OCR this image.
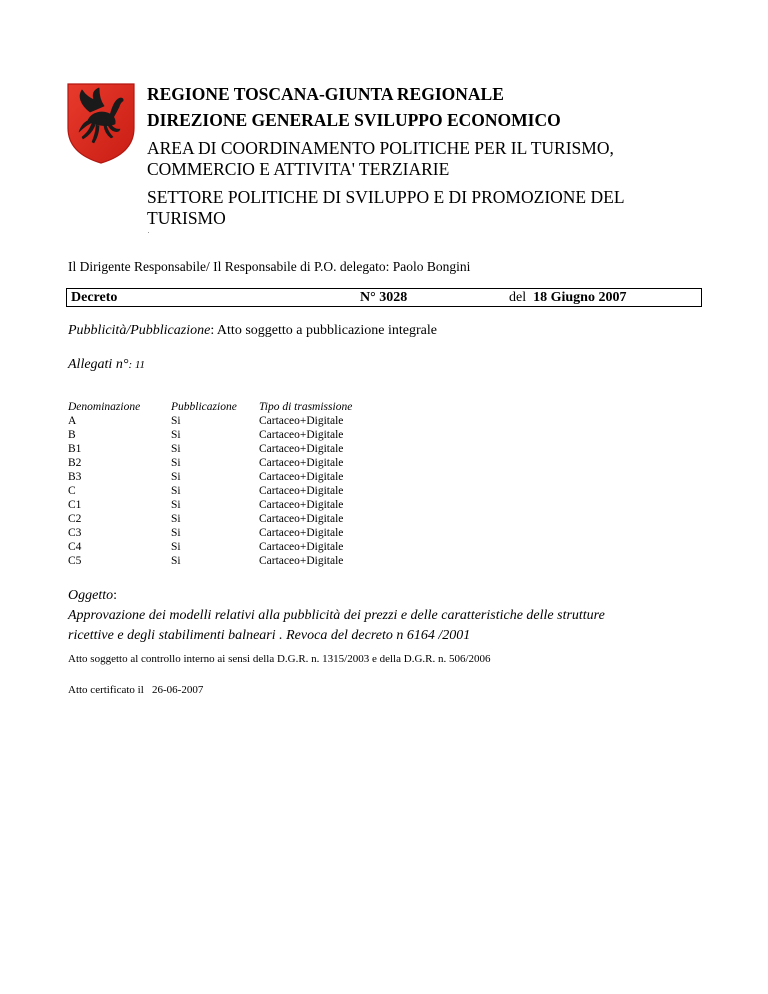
REGIONE TOSCANA-GIUNTA REGIONALE

DIREZIONE GENERALE SVILUPPO ECONOMICO

AREA DI COORDINAMENTO POLITICHE PER IL TURISMO,

COMMERCIO E ATTIVITA' TERZIARIE

SETTORE POLITICHE DI SVILUPPO E DI PROMOZIONE DEL

TURISMO

Il Dirigente Responsabile/ Il Responsabile di P.O. delegato: Paolo Bongini
Decreto	N° 3028	del 18 Giugno 2007
Pubblicità/Pubblicazione: Atto soggetto a pubblicazione integrale
Allegati n°: 11
Denominazione	Pubblicazione	Tipo di trasmissione
A	Si	Cartaceo+Digitale
B	Si	Cartaceo+Digitale
B1	Si	Cartaceo+Digitale
B2	Si	Cartaceo+Digitale
B3	Si	Cartaceo+Digitale
C	Si	Cartaceo+Digitale
C1	Si	Cartaceo+Digitale
C2	Si	Cartaceo+Digitale
C3	Si	Cartaceo+Digitale
C4	Si	Cartaceo+Digitale
C5	Si	Cartaceo+Digitale
Oggetto:
Approvazione dei modelli relativi alla pubblicità dei prezzi e delle caratteristiche delle strutture
ricettive e degli stabilimenti balneari . Revoca del decreto n 6164 /2001
Atto soggetto al controllo interno ai sensi della D.G.R. n. 1315/2003 e della D.G.R. n. 506/2006
Atto certificato il   26-06-2007
